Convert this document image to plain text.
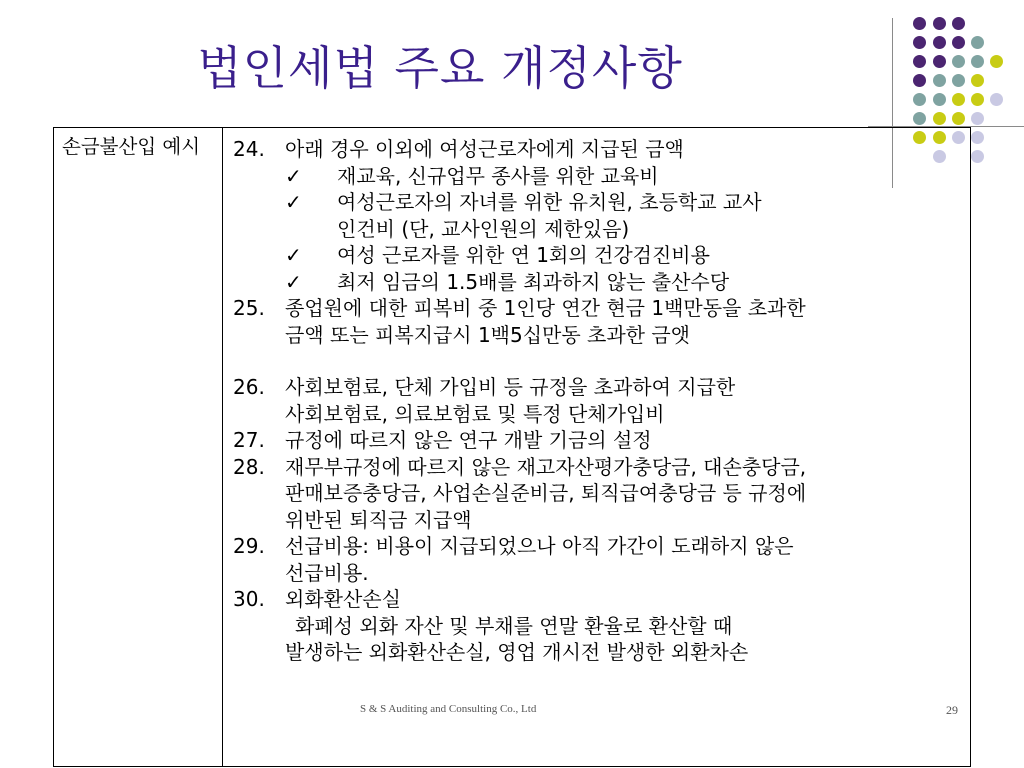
법인세법 주요 개정사항
손금불산입 예시	24.	아래 경우 이외에 여성근로자에게 지급된 금액
✓	재교육, 신규업무 종사를 위한 교육비
✓	여성근로자의 자녀를 위한 유치원, 초등학교 교사
인건비 (단, 교사인원의 제한있음)
✓	여성 근로자를 위한 연 1회의 건강검진비용
✓	최저 임금의 1.5배를 최과하지 않는 출산수당
25.	종업원에 대한 피복비 중 1인당 연간 현금 1백만동을 초과한
금액 또는 피복지급시 1백5십만동 초과한 금앳
26.	사회보험료, 단체 가입비 등 규정을 초과하여 지급한
사회보험료, 의료보험료 및 특정 단체가입비
27.	규정에 따르지 않은 연구 개발 기금의 설정
28.	재무부규정에 따르지 않은 재고자산평가충당금, 대손충당금,
판매보증충당금, 사업손실준비금, 퇴직급여충당금 등 규정에
위반된 퇴직금 지급액
29.	선급비용: 비용이 지급되었으나 아직 가간이 도래하지 않은
선급비용.
30.	외화환산손실
화폐성 외화 자산 및 부채를 연말 환율로 환산할 때
발생하는 외화환산손실, 영업 개시전 발생한 외환차손
S & S Auditing and Consulting Co., Ltd	29
